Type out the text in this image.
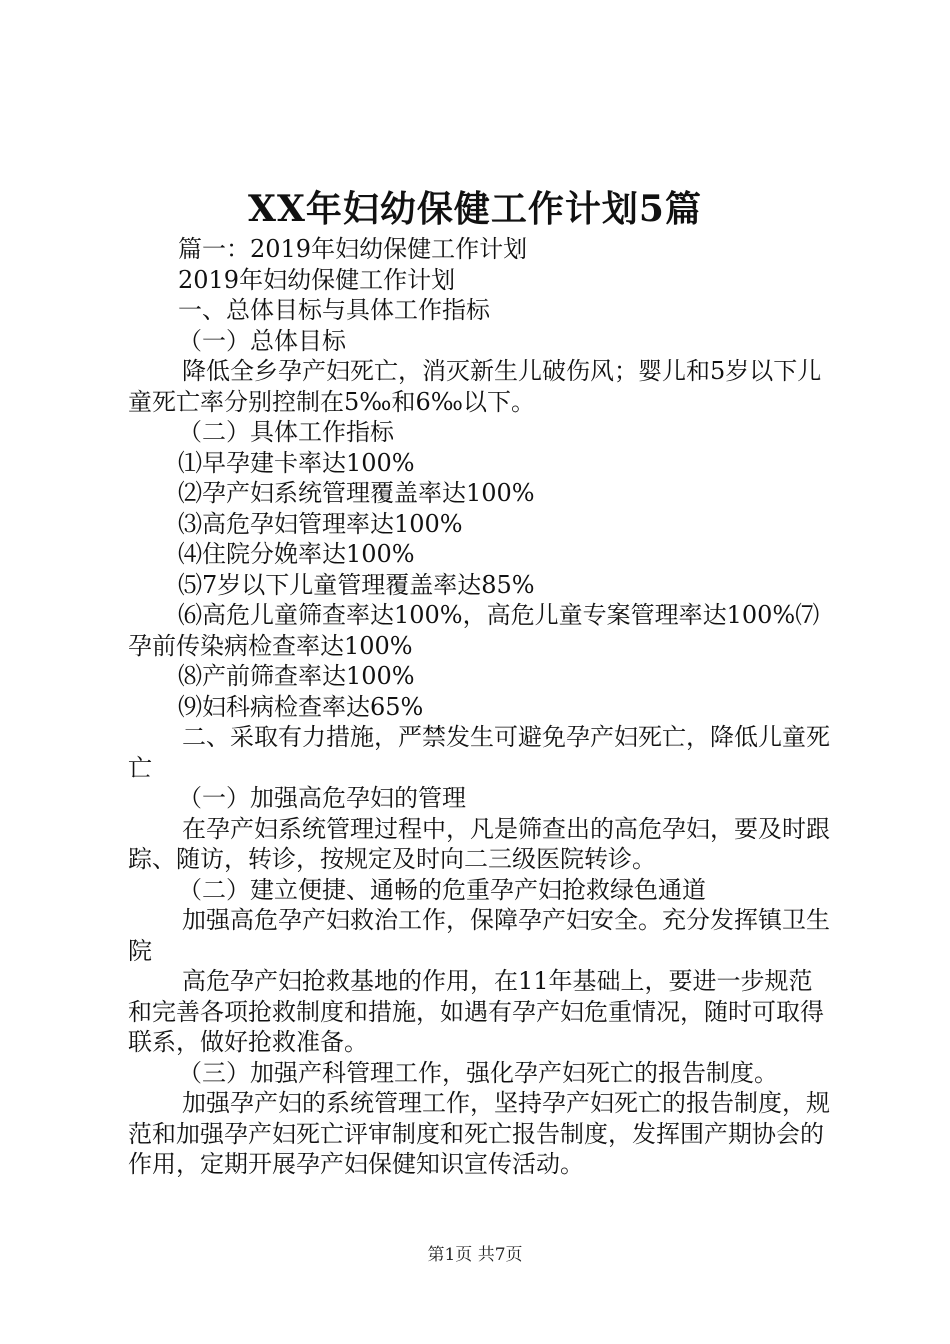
XX年妇幼保健工作计划5篇

篇一：2019年妇幼保健工作计划

2019年妇幼保健工作计划

一、总体目标与具体工作指标

（一）总体目标

降低全乡孕产妇死亡，消灭新生儿破伤风；婴儿和5岁以下儿童死亡率分别控制在5‰和6‰以下。

（二）具体工作指标

⑴早孕建卡率达100%

⑵孕产妇系统管理覆盖率达100%

⑶高危孕妇管理率达100%

⑷住院分娩率达100%

⑸7岁以下儿童管理覆盖率达85%

⑹高危儿童筛查率达100%，高危儿童专案管理率达100%⑺孕前传染病检查率达100%

⑻产前筛查率达100%

⑼妇科病检查率达65%

二、采取有力措施，严禁发生可避免孕产妇死亡，降低儿童死亡

（一）加强高危孕妇的管理

在孕产妇系统管理过程中，凡是筛查出的高危孕妇，要及时跟踪、随访，转诊，按规定及时向二三级医院转诊。

（二）建立便捷、通畅的危重孕产妇抢救绿色通道

加强高危孕产妇救治工作，保障孕产妇安全。充分发挥镇卫生院

高危孕产妇抢救基地的作用，在11年基础上，要进一步规范和完善各项抢救制度和措施，如遇有孕产妇危重情况，随时可取得联系，做好抢救准备。

（三）加强产科管理工作，强化孕产妇死亡的报告制度。

加强孕产妇的系统管理工作，坚持孕产妇死亡的报告制度，规范和加强孕产妇死亡评审制度和死亡报告制度，发挥围产期协会的作用，定期开展孕产妇保健知识宣传活动。

第1页 共7页
